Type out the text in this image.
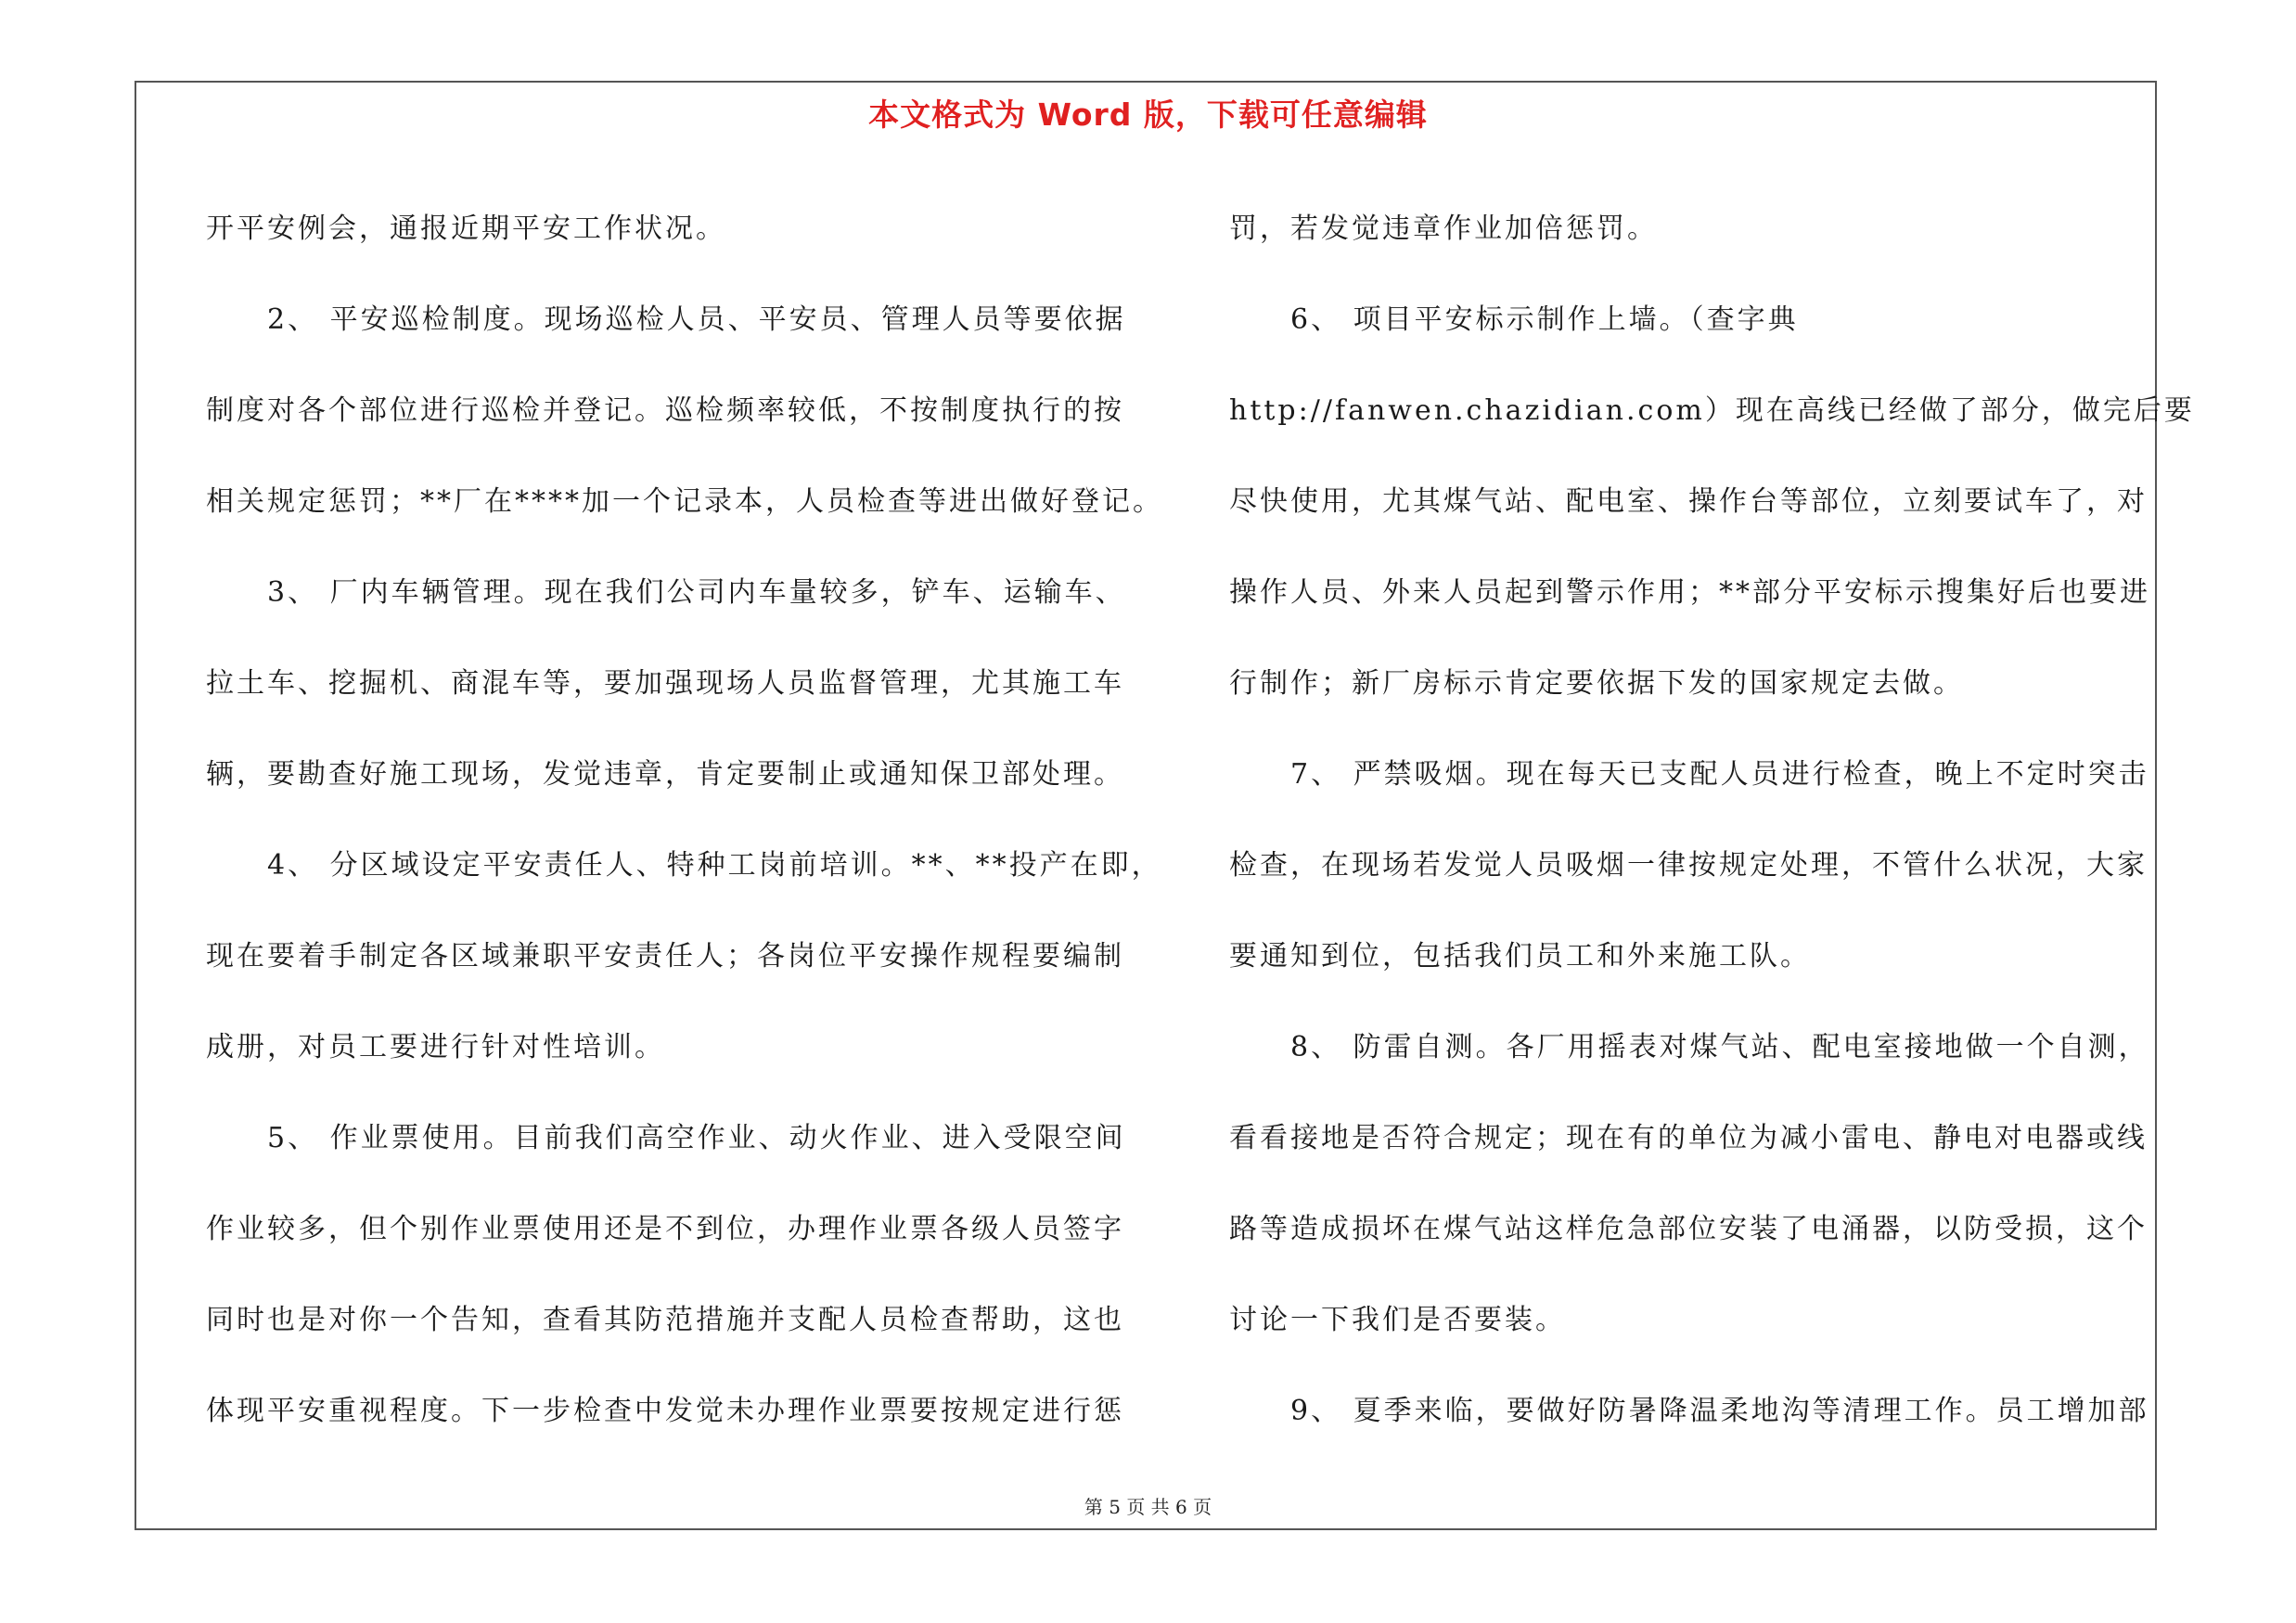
本文格式为 Word 版，下载可任意编辑
开平安例会，通报近期平安工作状况。
　　2、 平安巡检制度。现场巡检人员、平安员、管理人员等要依据
制度对各个部位进行巡检并登记。巡检频率较低，不按制度执行的按
相关规定惩罚；**厂在****加一个记录本，人员检查等进出做好登记。
　　3、 厂内车辆管理。现在我们公司内车量较多，铲车、运输车、
拉土车、挖掘机、商混车等，要加强现场人员监督管理，尤其施工车
辆，要勘查好施工现场，发觉违章，肯定要制止或通知保卫部处理。
　　4、 分区域设定平安责任人、特种工岗前培训。**、**投产在即，
现在要着手制定各区域兼职平安责任人；各岗位平安操作规程要编制
成册，对员工要进行针对性培训。
　　5、 作业票使用。目前我们高空作业、动火作业、进入受限空间
作业较多，但个别作业票使用还是不到位，办理作业票各级人员签字
同时也是对你一个告知，查看其防范措施并支配人员检查帮助，这也
体现平安重视程度。下一步检查中发觉未办理作业票要按规定进行惩
罚，若发觉违章作业加倍惩罚。
　　6、 项目平安标示制作上墙。（查字典
http://fanwen.chazidian.com）现在高线已经做了部分，做完后要
尽快使用，尤其煤气站、配电室、操作台等部位，立刻要试车了，对
操作人员、外来人员起到警示作用；**部分平安标示搜集好后也要进
行制作；新厂房标示肯定要依据下发的国家规定去做。
　　7、 严禁吸烟。现在每天已支配人员进行检查，晚上不定时突击
检查，在现场若发觉人员吸烟一律按规定处理，不管什么状况，大家
要通知到位，包括我们员工和外来施工队。
　　8、 防雷自测。各厂用摇表对煤气站、配电室接地做一个自测，
看看接地是否符合规定；现在有的单位为减小雷电、静电对电器或线
路等造成损坏在煤气站这样危急部位安装了电涌器，以防受损，这个
讨论一下我们是否要装。
　　9、 夏季来临，要做好防暑降温柔地沟等清理工作。员工增加部
第 5 页 共 6 页
